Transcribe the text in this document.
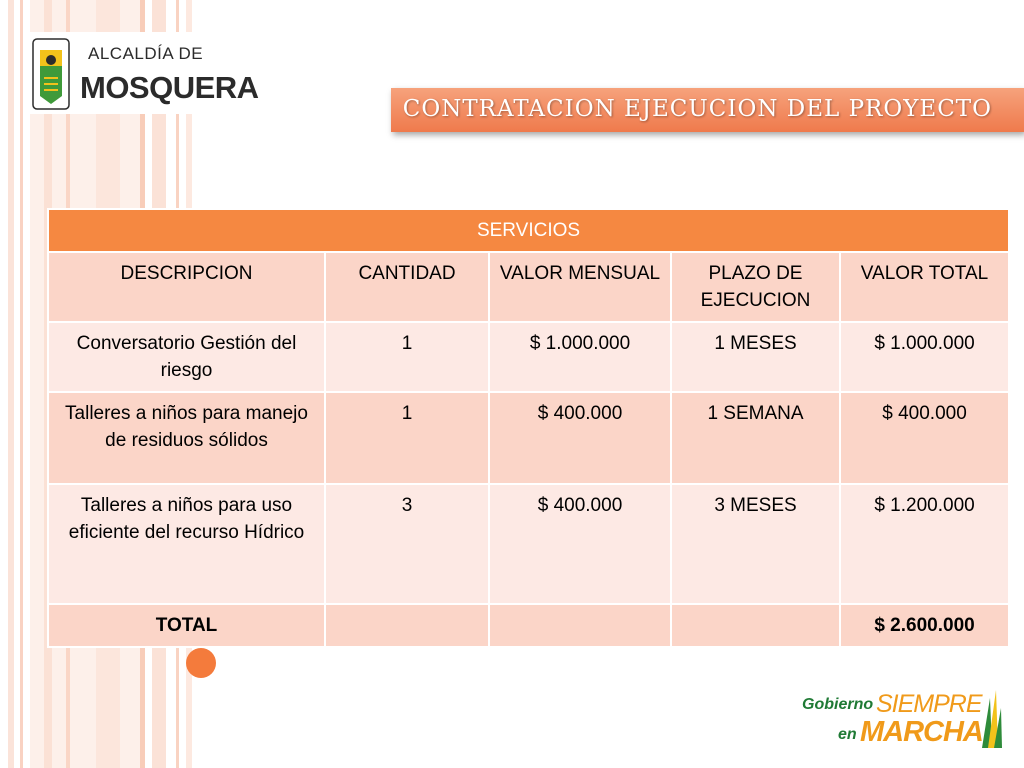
ALCALDÍA DE
MOSQUERA
CONTRATACION EJECUCION DEL PROYECTO
SERVICIOS				
DESCRIPCION	CANTIDAD	VALOR MENSUAL	PLAZO DE EJECUCION	VALOR TOTAL
Conversatorio Gestión del riesgo	1	$ 1.000.000	1 MESES	$ 1.000.000
Talleres a niños para manejo de residuos sólidos	1	$ 400.000	1 SEMANA	$ 400.000
Talleres a niños para uso eficiente del recurso Hídrico	3	$ 400.000	3 MESES	$ 1.200.000
TOTAL				$ 2.600.000
Gobierno SIEMPRE
en MARCHA
